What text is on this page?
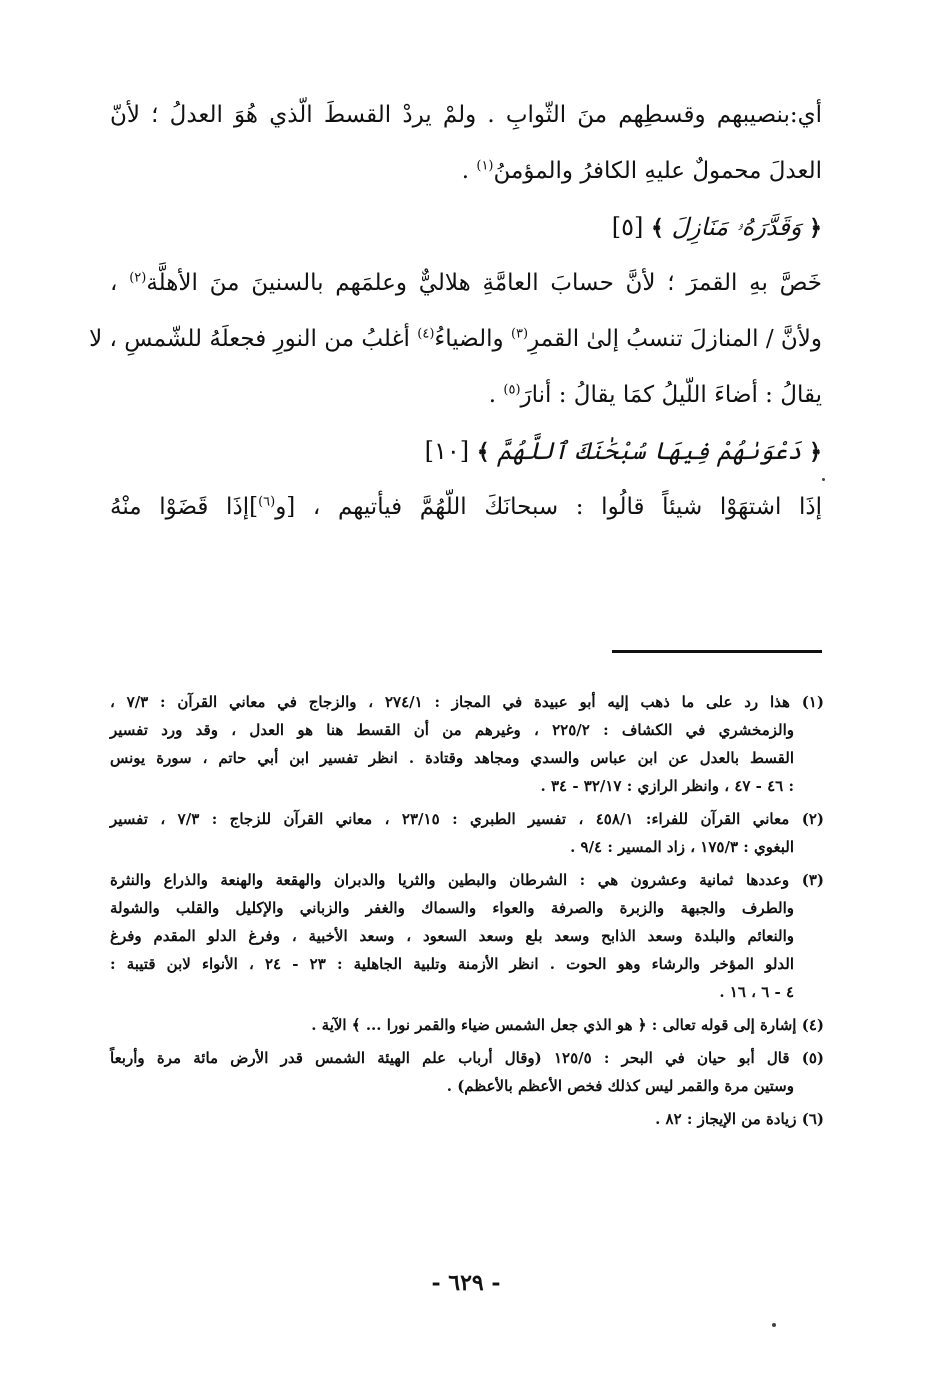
أي:بنصيبهم وقسطِهم منَ الثّوابِ . ولمْ يردْ القسطَ الّذي هُوَ العدلُ ؛ لأنّ
العدلَ محمولٌ عليهِ الكافرُ والمؤمنُ$^{(١)}$ .
﴿ وَقَدَّرَهُۥ مَنَازِلَ ﴾ [٥]
خَصَّ بهِ القمرَ ؛ لأنَّ حسابَ العامَّةِ هلاليٌّ وعلمَهم بالسنينَ منَ الأهلَّة$^{(٢)}$ ،
ولأنَّ / المنازلَ تنسبُ إلىٰ القمرِ$^{(٣)}$ والضياءُ$^{(٤)}$ أغلبُ من النورِ فجعلَهُ للشّمسِ ، لا
يقالُ : أضاءَ اللّيلُ كمَا يقالُ : أنارَ$^{(٥)}$ .
﴿ دَعْوَىٰهُمْ فِيهَا سُبْحَٰنَكَ ٱللَّهُمَّ ﴾ [١٠]
إذَا اشتهَوْا شيئاً قالُوا : سبحانَكَ اللّهُمَّ فيأتيهم ، [و$^{(٦)}$]إذَا قَضَوْا منْهُ
(١) هذا رد على ما ذهب إليه أبو عبيدة في المجاز : ٢٧٤/١ ، والزجاج في معاني القرآن : ٧/٣ ،
والزمخشري في الكشاف : ٢٢٥/٢ ، وغيرهم من أن القسط هنا هو العدل ، وقد ورد تفسير
القسط بالعدل عن ابن عباس والسدي ومجاهد وقتادة . انظر تفسير ابن أبي حاتم ، سورة يونس
: ٤٦ - ٤٧ ، وانظر الرازي : ٣٢/١٧ - ٣٤ .
(٢) معاني القرآن للفراء: ٤٥٨/١ ، تفسير الطبري : ٢٣/١٥ ، معاني القرآن للزجاج : ٧/٣ ، تفسير
البغوي : ١٧٥/٣ ، زاد المسير : ٩/٤ .
(٣) وعددها ثمانية وعشرون هي : الشرطان والبطين والثريا والدبران والهقعة والهنعة والذراع والنثرة
والطرف والجبهة والزبرة والصرفة والعواء والسماك والغفر والزباني والإكليل والقلب والشولة
والنعائم والبلدة وسعد الذابح وسعد بلع وسعد السعود ، وسعد الأخبية ، وفرغ الدلو المقدم وفرغ
الدلو المؤخر والرشاء وهو الحوت . انظر الأزمنة وتلبية الجاهلية : ٢٣ - ٢٤ ، الأنواء لابن قتيبة :
٤ - ٦ ، ١٦ .
(٤) إشارة إلى قوله تعالى : ﴿ هو الذي جعل الشمس ضياء والقمر نورا ... ﴾ الآية .
(٥) قال أبو حيان في البحر : ١٢٥/٥ (وقال أرباب علم الهيئة الشمس قدر الأرض مائة مرة وأربعاً
وستين مرة والقمر ليس كذلك فخص الأعظم بالأعظم) .
(٦) زيادة من الإيجاز : ٨٢ .
- ٦٢٩ -
